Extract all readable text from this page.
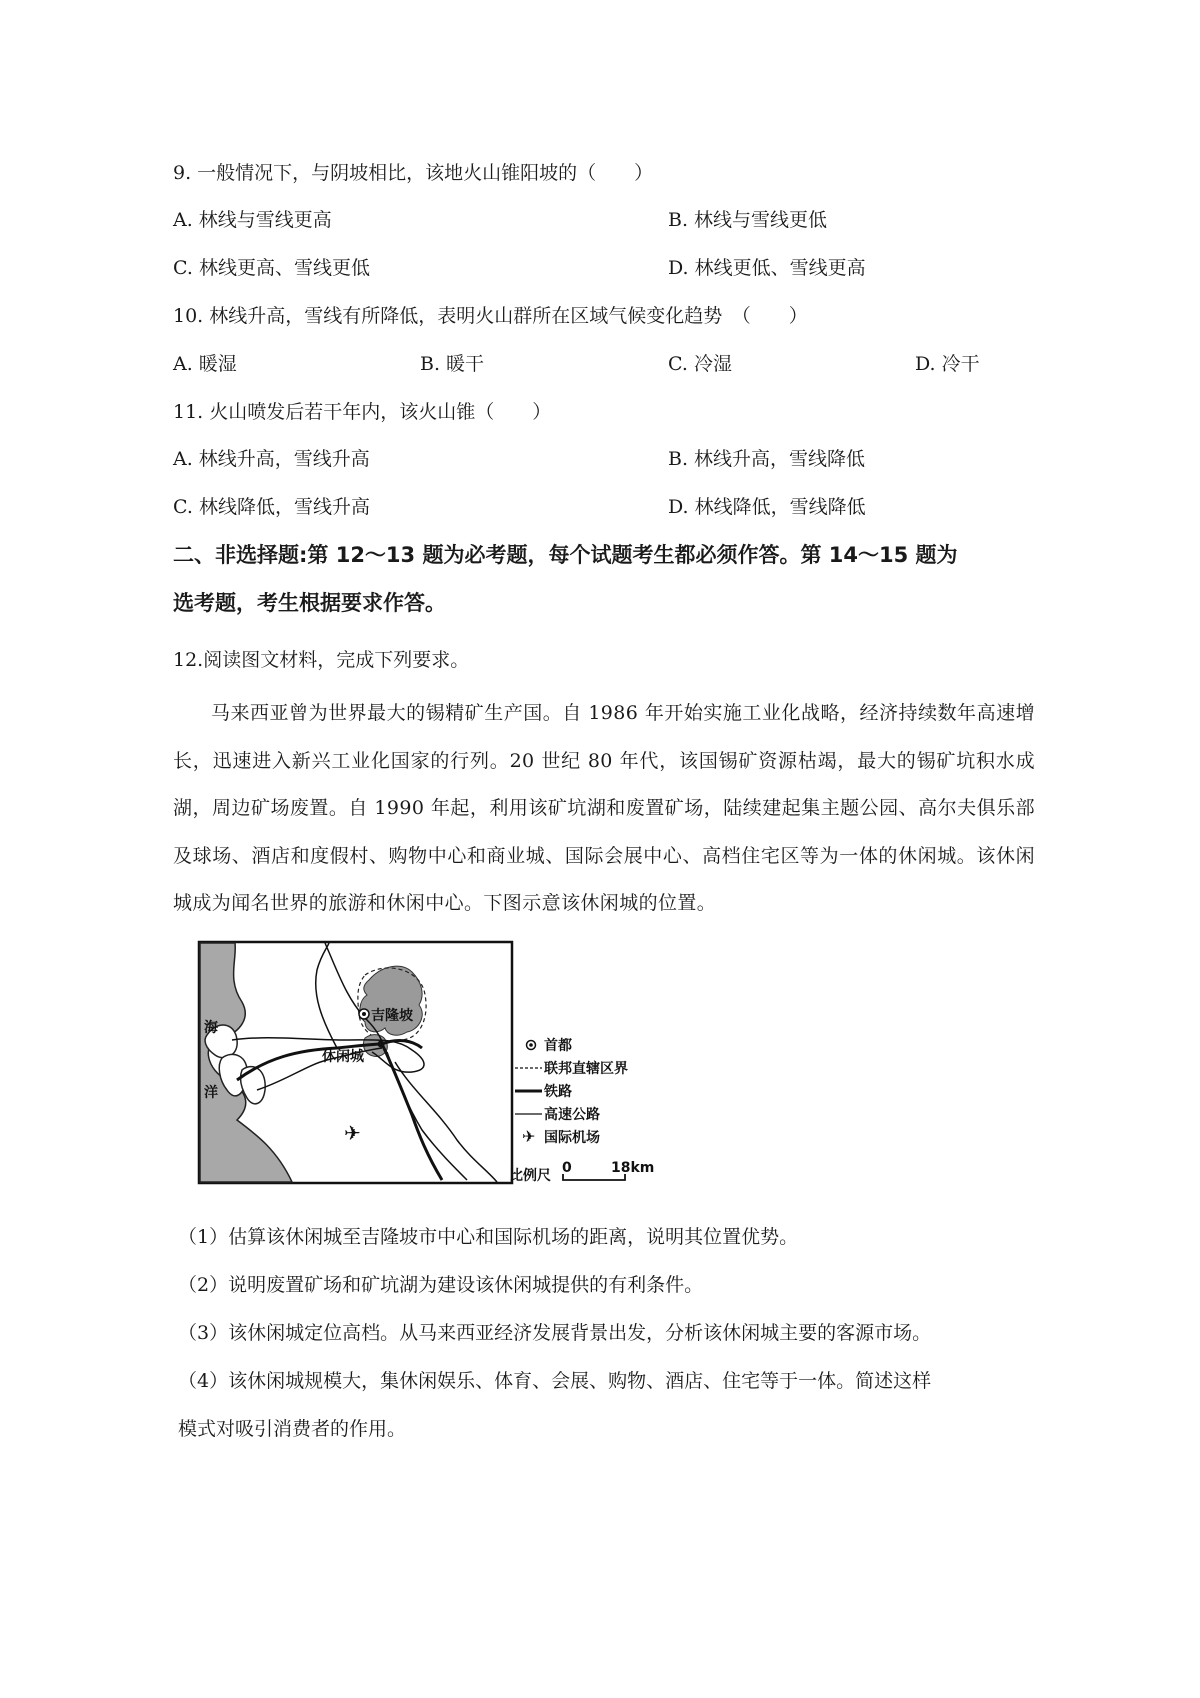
9. 一般情况下，与阴坡相比，该地火山锥阳坡的（　　）
A. 林线与雪线更高	B. 林线与雪线更低
C. 林线更高、雪线更低	D. 林线更低、雪线更高
10. 林线升高，雪线有所降低，表明火山群所在区域气候变化趋势　（　　）
A. 暖湿	B. 暖干	C. 冷湿	D. 冷干
11. 火山喷发后若干年内，该火山锥（　　）
A. 林线升高，雪线升高	B. 林线升高，雪线降低
C. 林线降低，雪线升高	D. 林线降低，雪线降低
二、非选择题:第 12～13 题为必考题，每个试题考生都必须作答。第 14～15 题为
选考题，考生根据要求作答。
12.阅读图文材料，完成下列要求。
马来西亚曾为世界最大的锡精矿生产国。自 1986 年开始实施工业化战略，经济持续数年高速增长，迅速进入新兴工业化国家的行列。20 世纪 80 年代，该国锡矿资源枯竭，最大的锡矿坑积水成湖，周边矿场废置。自 1990 年起，利用该矿坑湖和废置矿场，陆续建起集主题公园、高尔夫俱乐部及球场、酒店和度假村、购物中心和商业城、国际会展中心、高档住宅区等为一体的休闲城。该休闲城成为闻名世界的旅游和休闲中心。下图示意该休闲城的位置。
✈
海
洋
吉隆坡
休闲城
首都
联邦直辖区界
铁路
高速公路
✈ 国际机场
比例尺 0	18km
（1）估算该休闲城至吉隆坡市中心和国际机场的距离，说明其位置优势。
（2）说明废置矿场和矿坑湖为建设该休闲城提供的有利条件。
（3）该休闲城定位高档。从马来西亚经济发展背景出发，分析该休闲城主要的客源市场。
（4）该休闲城规模大，集休闲娱乐、体育、会展、购物、酒店、住宅等于一体。简述这样
模式对吸引消费者的作用。
